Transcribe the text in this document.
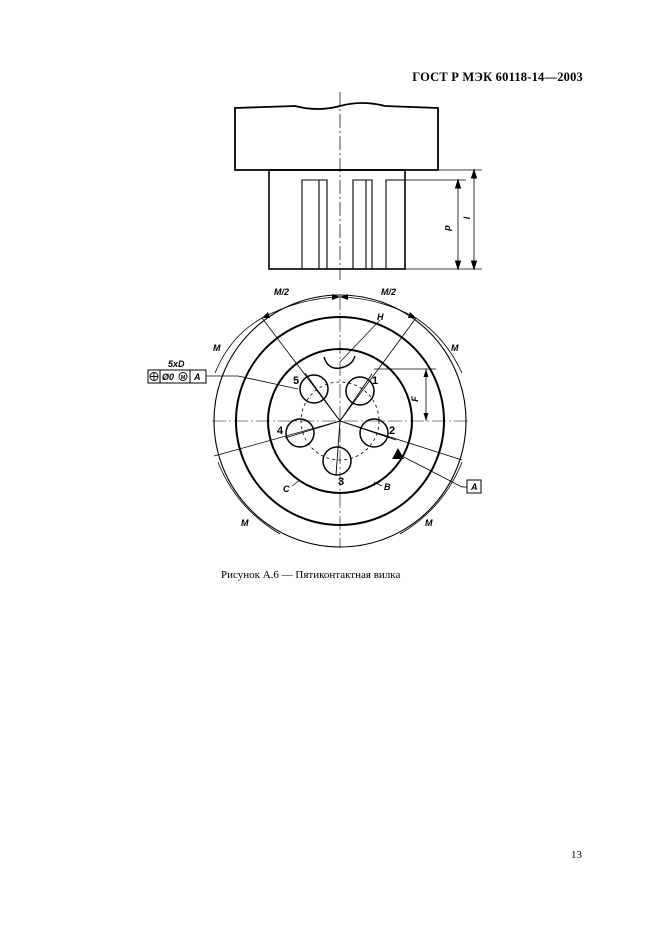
ГОСТ Р МЭК 60118-14—2003
p
l
M/2	M/2
M	M
M	M
H
F
B
C
1
2
3
4
5
5xD
Ø0 M A
A
Рисунок А.6 — Пятиконтактная вилка
13
